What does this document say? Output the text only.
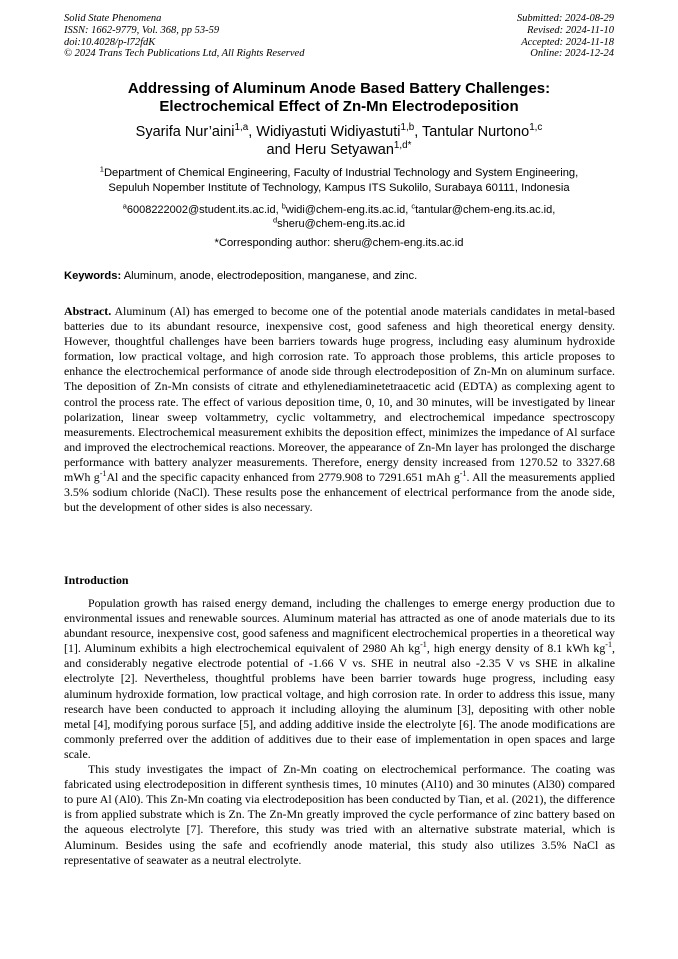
Solid State Phenomena
ISSN: 1662-9779, Vol. 368, pp 53-59
doi:10.4028/p-l72fdK
© 2024 Trans Tech Publications Ltd, All Rights Reserved
Submitted: 2024-08-29
Revised: 2024-11-10
Accepted: 2024-11-18
Online: 2024-12-24
Addressing of Aluminum Anode Based Battery Challenges:
Electrochemical Effect of Zn-Mn Electrodeposition
Syarifa Nur’aini$^{1,a}$, Widiyastuti Widiyastuti$^{1,b}$, Tantular Nurtono$^{1,c}$
and Heru Setyawan$^{1,d*}$
$^1$Department of Chemical Engineering, Faculty of Industrial Technology and System Engineering,
Sepuluh Nopember Institute of Technology, Kampus ITS Sukolilo, Surabaya 60111, Indonesia
$^a$6008222002@student.its.ac.id, $^b$widi@chem-eng.its.ac.id, $^c$tantular@chem-eng.its.ac.id,
$^d$sheru@chem-eng.its.ac.id
*Corresponding author: sheru@chem-eng.its.ac.id
Keywords: Aluminum, anode, electrodeposition, manganese, and zinc.
Abstract. Aluminum (Al) has emerged to become one of the potential anode materials candidates in metal-based batteries due to its abundant resource, inexpensive cost, good safeness and high theoretical energy density. However, thoughtful challenges have been barriers towards huge progress, including easy aluminum hydroxide formation, low practical voltage, and high corrosion rate. To approach those problems, this article proposes to enhance the electrochemical performance of anode side through electrodeposition of Zn-Mn on aluminum surface. The deposition of Zn-Mn consists of citrate and ethylenediaminetetraacetic acid (EDTA) as complexing agent to control the process rate. The effect of various deposition time, 0, 10, and 30 minutes, will be investigated by linear polarization, linear sweep voltammetry, cyclic voltammetry, and electrochemical impedance spectroscopy measurements. Electrochemical measurement exhibits the deposition effect, minimizes the impedance of Al surface and improved the electrochemical reactions. Moreover, the appearance of Zn-Mn layer has prolonged the discharge performance with battery analyzer measurements. Therefore, energy density increased from 1270.52 to 3327.68 mWh $g^{-1}Al$ and the specific capacity enhanced from 2779.908 to 7291.651 mAh $g^{-1}$. All the measurements applied 3.5% sodium chloride (NaCl). These results pose the enhancement of electrical performance from the anode side, but the development of other sides is also necessary.
Introduction

Population growth has raised energy demand, including the challenges to emerge energy production due to environmental issues and renewable sources. Aluminum material has attracted as one of anode materials due to its abundant resource, inexpensive cost, good safeness and magnificent electrochemical properties in a theoretical way [1]. Aluminum exhibits a high electrochemical equivalent of 2980 Ah $kg^{-1}$, high energy density of 8.1 kWh $kg^{-1}$, and considerably negative electrode potential of -1.66 V vs. SHE in neutral also -2.35 V vs SHE in alkaline electrolyte [2]. Nevertheless, thoughtful problems have been barrier towards huge progress, including easy aluminum hydroxide formation, low practical voltage, and high corrosion rate. In order to address this issue, many research have been conducted to approach it including alloying the aluminum [3], depositing with other noble metal [4], modifying porous surface [5], and adding additive inside the electrolyte [6]. The anode modifications are commonly preferred over the addition of additives due to their ease of implementation in open spaces and large scale.

This study investigates the impact of Zn-Mn coating on electrochemical performance. The coating was fabricated using electrodeposition in different synthesis times, 10 minutes (Al10) and 30 minutes (Al30) compared to pure Al (Al0). This Zn-Mn coating via electrodeposition has been conducted by Tian, et al. (2021), the difference is from applied substrate which is Zn. The Zn-Mn greatly improved the cycle performance of zinc battery based on the aqueous electrolyte [7]. Therefore, this study was tried with an alternative substrate material, which is Aluminum. Besides using the safe and ecofriendly anode material, this study also utilizes 3.5% NaCl as representative of seawater as a neutral electrolyte.
